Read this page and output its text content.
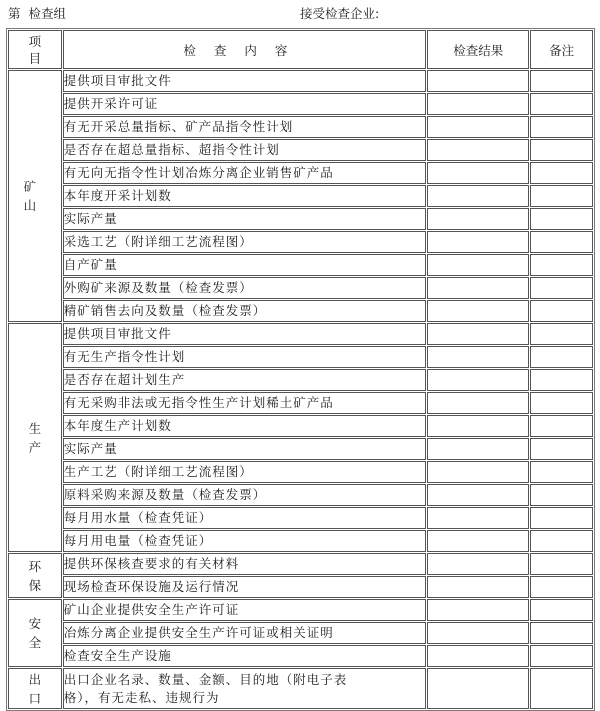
第  检查组	接受检查企业:
项
目	检查内容	检查结果	备注

矿 山	提供项目审批文件		
	提供开采许可证		
	有无开采总量指标、矿产品指令性计划		
	是否存在超总量指标、超指令性计划		
	有无向无指令性计划冶炼分离企业销售矿产品		
	本年度开采计划数		
	实际产量		
	采选工艺（附详细工艺流程图）		
	自产矿量		
	外购矿来源及数量（检查发票）		
	精矿销售去向及数量（检查发票）		

生
产	提供项目审批文件		
	有无生产指令性计划		
	是否存在超计划生产		
	有无采购非法或无指令性生产计划稀土矿产品		
	本年度生产计划数		
	实际产量		
	生产工艺（附详细工艺流程图）		
	原料采购来源及数量（检查发票）		
	每月用水量（检查凭证）		
	每月用电量（检查凭证）		

环
保	提供环保核查要求的有关材料		
	现场检查环保设施及运行情况		

安
全	矿山企业提供安全生产许可证		
	冶炼分离企业提供安全生产许可证或相关证明		
	检查安全生产设施		

出
口	出口企业名录、数量、金额、目的地（附电子表格），有无走私、违规行为		
